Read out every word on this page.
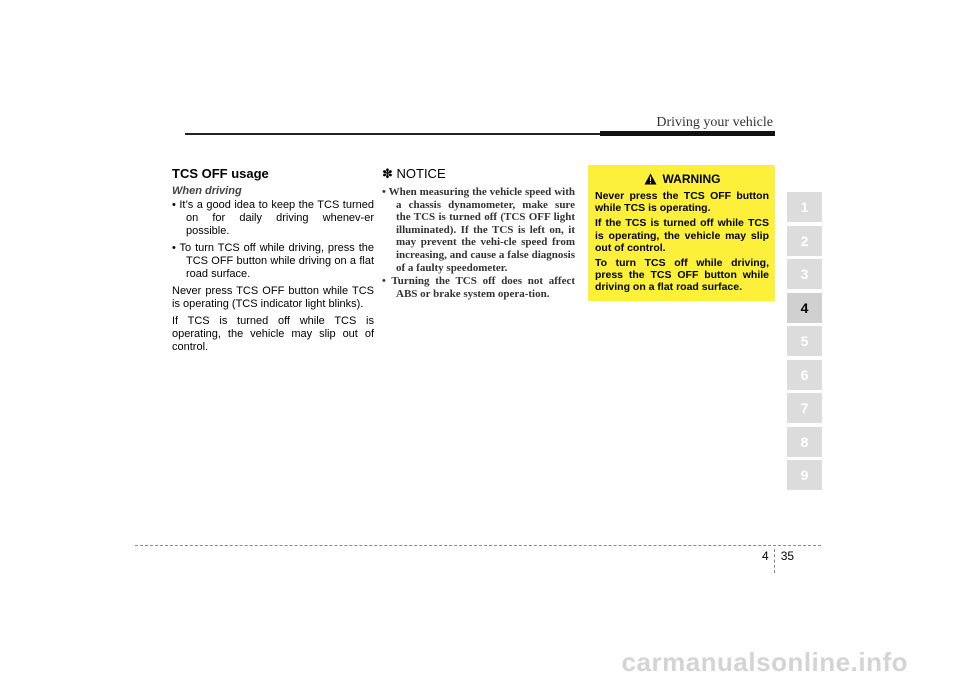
Driving your vehicle
TCS OFF usage
When driving

• It’s a good idea to keep the TCS turned on for daily driving whenev-er possible.

• To turn TCS off while driving, press the TCS OFF button while driving on a flat road surface.

Never press TCS OFF button while TCS is operating (TCS indicator light blinks).

If TCS is turned off while TCS is operating, the vehicle may slip out of control.

✽ NOTICE

• When measuring the vehicle speed with a chassis dynamometer, make sure the TCS is turned off (TCS OFF light illuminated). If the TCS is left on, it may prevent the vehi-cle speed from increasing, and cause a false diagnosis of a faulty speedometer.

• Turning the TCS off does not affect ABS or brake system opera-tion.

WARNING

Never press the TCS OFF button while TCS is operating.

If the TCS is turned off while TCS is operating, the vehicle may slip out of control.

To turn TCS off while driving, press the TCS OFF button while driving on a flat road surface.

1
2
3
4
5
6
7
8
9
4 35
carmanualsonline.info
